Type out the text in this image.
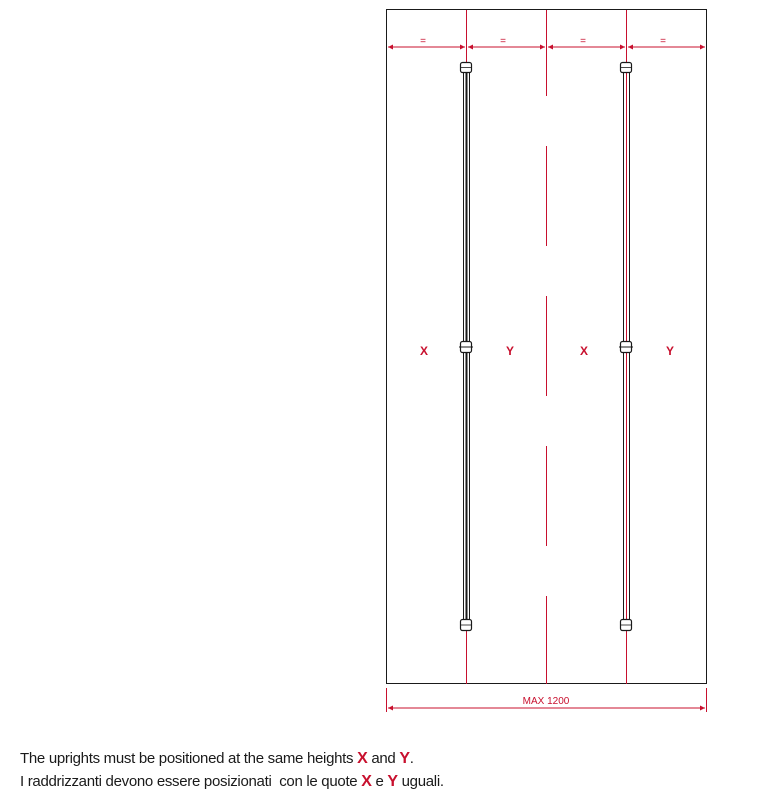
=	=	=	=
X	Y	X	Y
MAX 1200
The uprights must be positioned at the same heights X and Y.
I raddrizzanti devono essere posizionati  con le quote X e Y uguali.
